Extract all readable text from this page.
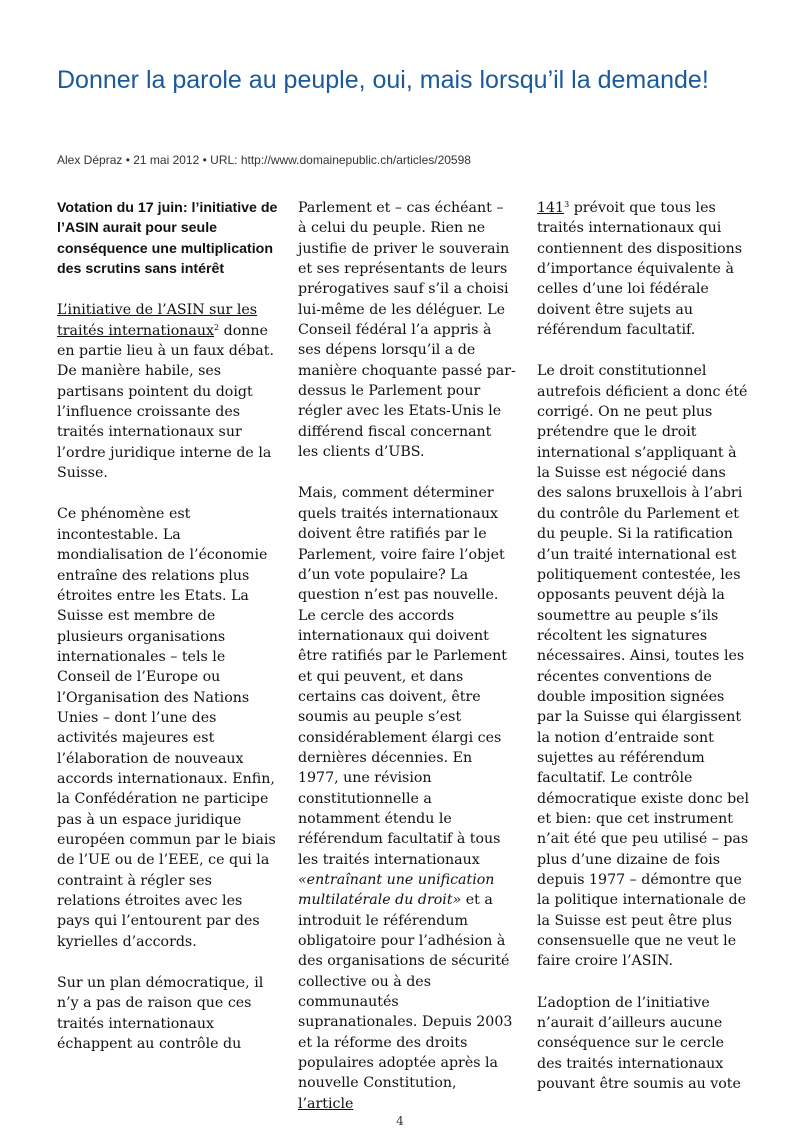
Donner la parole au peuple, oui, mais lorsqu’il la demande!
Alex Dépraz • 21 mai 2012 • URL: http://www.domainepublic.ch/articles/20598

Votation du 17 juin: l’initiative de l’ASIN aurait pour seule conséquence une multiplication des scrutins sans intérêt

L’initiative de l’ASIN sur les traités internationaux$^2$ donne en partie lieu à un faux débat. De manière habile, ses partisans pointent du doigt l’influence croissante des traités internationaux sur l’ordre juridique interne de la Suisse.

Ce phénomène est incontestable. La mondialisation de l’économie entraîne des relations plus étroites entre les Etats. La Suisse est membre de plusieurs organisations internationales – tels le Conseil de l’Europe ou l’Organisation des Nations Unies – dont l’une des activités majeures est l’élaboration de nouveaux accords internationaux. Enfin, la Confédération ne participe pas à un espace juridique européen commun par le biais de l’UE ou de l’EEE, ce qui la contraint à régler ses relations étroites avec les pays qui l’entourent par des kyrielles d’accords.

Sur un plan démocratique, il n’y a pas de raison que ces traités internationaux échappent au contrôle du

Parlement et – cas échéant – à celui du peuple. Rien ne justifie de priver le souverain et ses représentants de leurs prérogatives sauf s’il a choisi lui-même de les déléguer. Le Conseil fédéral l’a appris à ses dépens lorsqu’il a de manière choquante passé par-dessus le Parlement pour régler avec les Etats-Unis le différend fiscal concernant les clients d’UBS.

Mais, comment déterminer quels traités internationaux doivent être ratifiés par le Parlement, voire faire l’objet d’un vote populaire? La question n’est pas nouvelle. Le cercle des accords internationaux qui doivent être ratifiés par le Parlement et qui peuvent, et dans certains cas doivent, être soumis au peuple s’est considérablement élargi ces dernières décennies. En 1977, une révision constitutionnelle a notamment étendu le référendum facultatif à tous les traités internationaux «entraînant une unification multilatérale du droit» et a introduit le référendum obligatoire pour l’adhésion à des organisations de sécurité collective ou à des communautés supranationales. Depuis 2003 et la réforme des droits populaires adoptée après la nouvelle Constitution, l’article

$141^3$ prévoit que tous les traités internationaux qui contiennent des dispositions d’importance équivalente à celles d’une loi fédérale doivent être sujets au référendum facultatif.

Le droit constitutionnel autrefois déficient a donc été corrigé. On ne peut plus prétendre que le droit international s’appliquant à la Suisse est négocié dans des salons bruxellois à l’abri du contrôle du Parlement et du peuple. Si la ratification d’un traité international est politiquement contestée, les opposants peuvent déjà la soumettre au peuple s’ils récoltent les signatures nécessaires. Ainsi, toutes les récentes conventions de double imposition signées par la Suisse qui élargissent la notion d’entraide sont sujettes au référendum facultatif. Le contrôle démocratique existe donc bel et bien: que cet instrument n’ait été que peu utilisé – pas plus d’une dizaine de fois depuis 1977 – démontre que la politique internationale de la Suisse est peut être plus consensuelle que ne veut le faire croire l’ASIN.

L’adoption de l’initiative n’aurait d’ailleurs aucune conséquence sur le cercle des traités internationaux pouvant être soumis au vote

4
